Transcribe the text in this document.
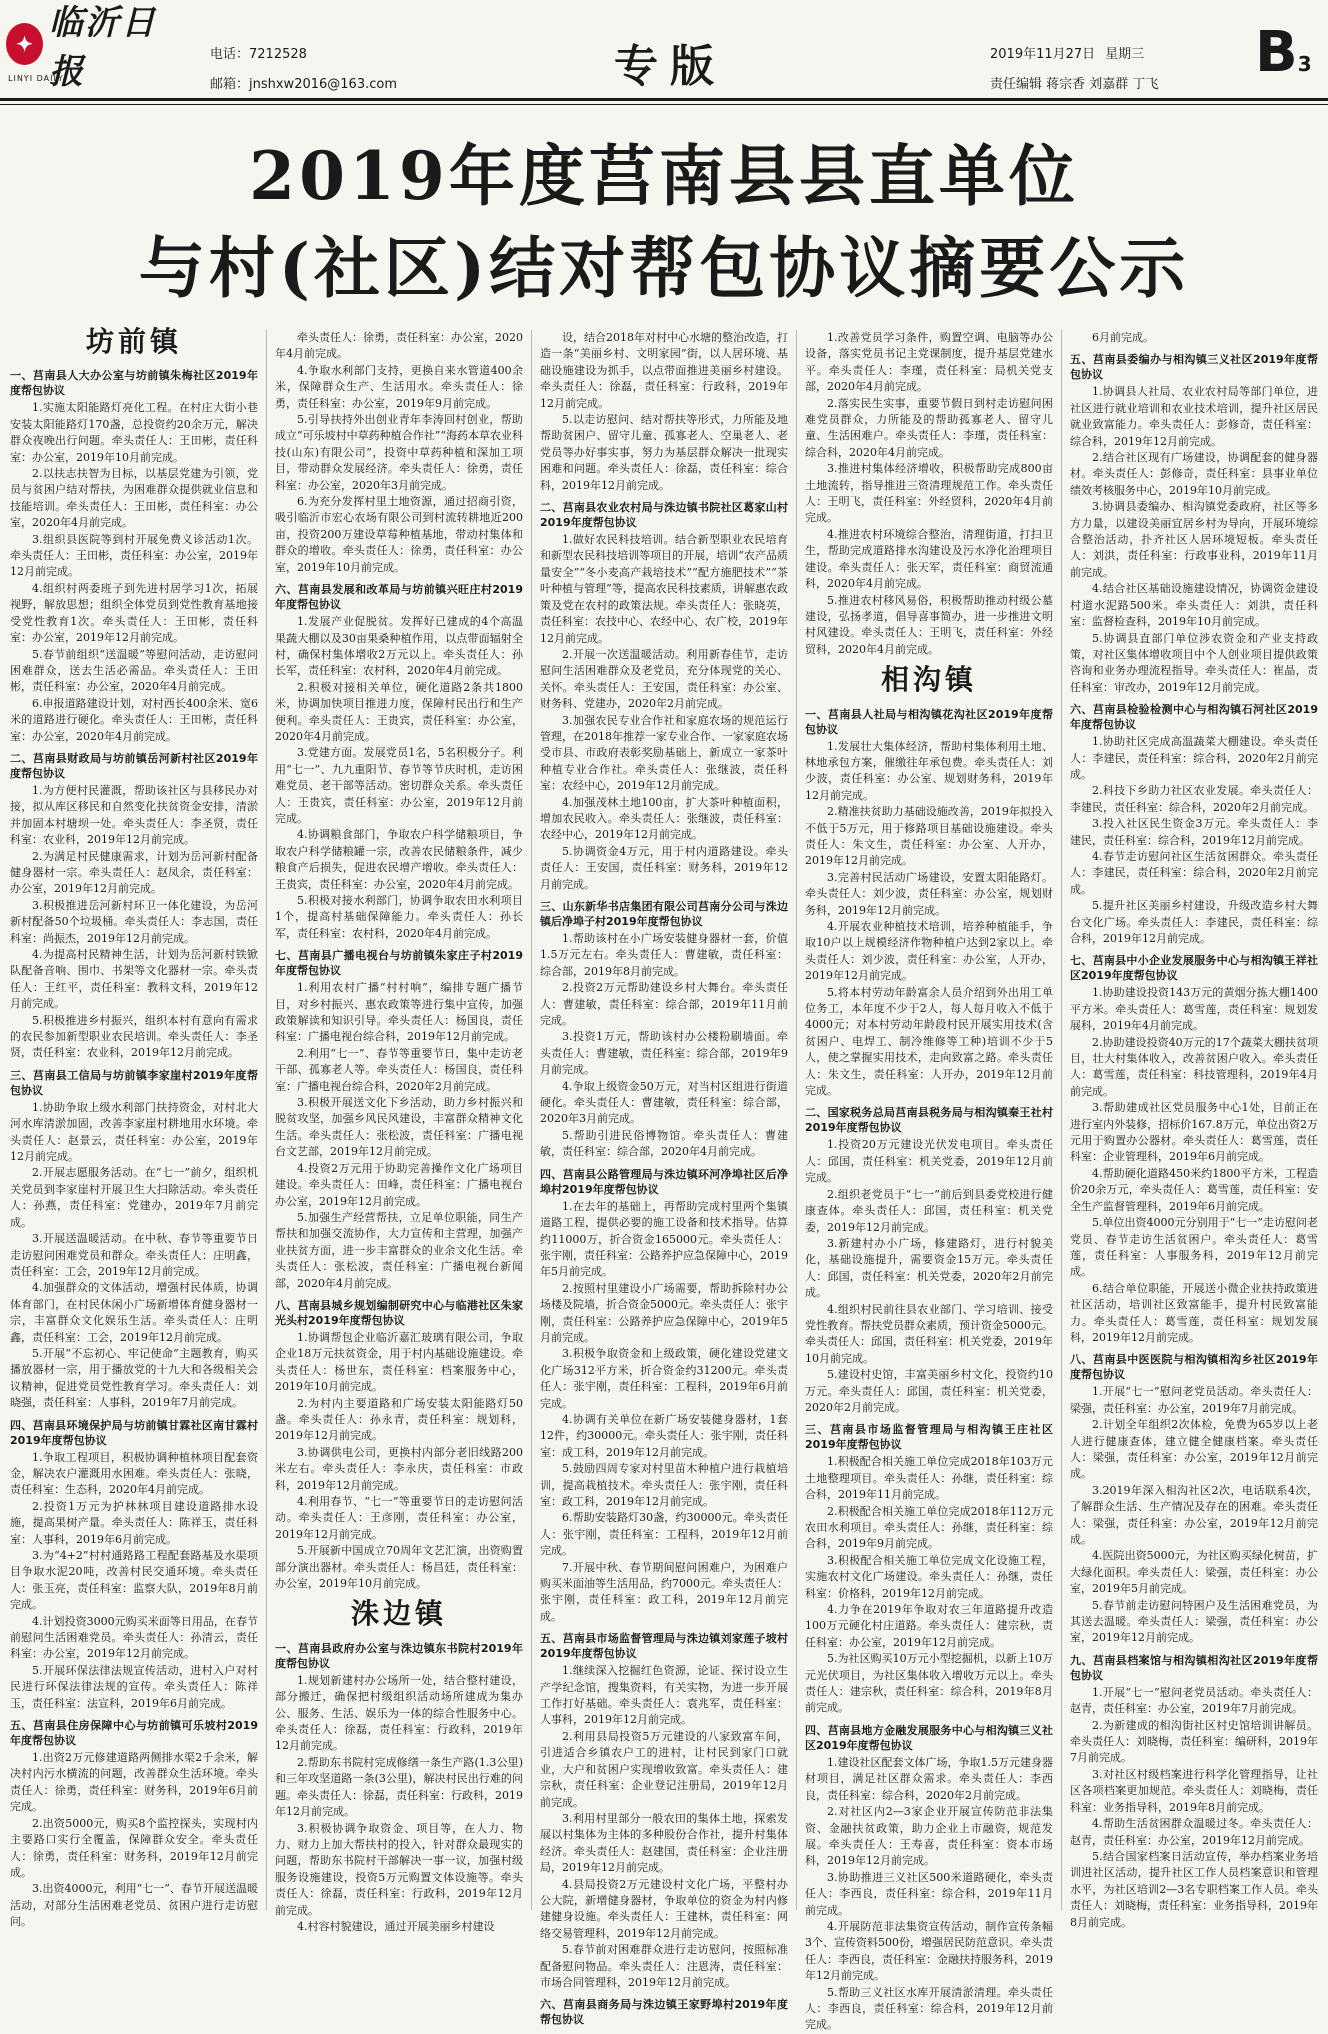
✦
临沂日报
LINYI DAILY
电话：7212528
邮箱：jnshxw2016@163.com	专版	2019年11月27日 星期三
责任编辑 蒋宗香 刘嘉群 丁飞 B3
2019年度莒南县县直单位
与村(社区)结对帮包协议摘要公示
坊前镇
一、莒南县人大办公室与坊前镇朱梅社区2019年度帮包协议

1.实施太阳能路灯亮化工程。在村庄大街小巷安装太阳能路灯170盏，总投资约20余万元，解决群众夜晚出行问题。牵头责任人：王田彬，责任科室：办公室，2019年10月前完成。

2.以扶志扶智为目标，以基层党建为引领，党员与贫困户结对帮扶，为困难群众提供就业信息和技能培训。牵头责任人：王田彬，责任科室：办公室，2020年4月前完成。

3.组织县医院等到村开展免费义诊活动1次。牵头责任人：王田彬，责任科室：办公室，2019年12月前完成。

4.组织村两委班子到先进村居学习1次，拓展视野，解放思想；组织全体党员到党性教育基地接受党性教育1次。牵头责任人：王田彬，责任科室：办公室，2019年12月前完成。

5.春节前组织“送温暖”等慰问活动，走访慰问困难群众，送去生活必需品。牵头责任人：王田彬，责任科室：办公室，2020年4月前完成。

6.申报道路建设计划，对村西长400余米、宽6米的道路进行硬化。牵头责任人：王田彬，责任科室：办公室，2020年4月前完成。

二、莒南县财政局与坊前镇岳河新村社区2019年度帮包协议

1.为方便村民灌溉，帮助该社区与县移民办对接，拟从库区移民和自然变化扶贫资金安排，清淤并加固本村塘坝一处。牵头责任人：李圣贤，责任科室：农业科，2019年12月前完成。

2.为满足村民健康需求，计划为岳河新村配备健身器材一宗。牵头责任人：赵凤余，责任科室：办公室，2019年12月前完成。

3.积极推进岳河新村环卫一体化建设，为岳河新村配备50个垃圾桶。牵头责任人：李志国，责任科室：尚振杰，2019年12月前完成。

4.为提高村民精神生活，计划为岳河新村铁锨队配备音响、围巾、书架等文化器材一宗。牵头责任人：王红平，责任科室：教科文科，2019年12月前完成。

5.积极推进乡村振兴，组织本村有意向有需求的农民参加新型职业农民培训。牵头责任人：李圣贤，责任科室：农业科，2019年12月前完成。

三、莒南县工信局与坊前镇李家崖村2019年度帮包协议

1.协助争取上级水利部门扶持资金，对村北大河水库清淤加固，改善李家崖村耕地用水环境。牵头责任人：赵景云，责任科室：办公室，2019年12月前完成。

2.开展志愿服务活动。在“七一”前夕，组织机关党员到李家崖村开展卫生大扫除活动。牵头责任人：孙燕，责任科室：党建办，2019年7月前完成。

3.开展送温暖活动。在中秋、春节等重要节日走访慰问困难党员和群众。牵头责任人：庄明鑫，责任科室：工会，2019年12月前完成。

4.加强群众的文体活动，增强村民体质，协调体育部门，在村民休闲小广场新增体育健身器材一宗，丰富群众文化娱乐生活。牵头责任人：庄明鑫，责任科室：工会，2019年12月前完成。

5.开展“不忘初心、牢记使命”主题教育，购买播放器材一宗，用于播放党的十九大和各级相关会议精神，促进党员党性教育学习。牵头责任人：刘晓强，责任科室：人事科，2019年7月前完成。

四、莒南县环境保护局与坊前镇甘霖社区南甘霖村2019年度帮包协议

1.争取工程项目，积极协调种植林项目配套资金，解决农户灌溉用水困难。牵头责任人：张晓，责任科室：生态科，2020年4月前完成。

2.投资1万元为护林林项目建设道路排水设施，提高果树产量。牵头责任人：陈祥玉，责任科室：人事科，2019年6月前完成。

3.为“4+2”村村通路路工程配套路基及水渠项目争取水泥20吨，改善村民交通环境。牵头责任人：张玉亮，责任科室：监察大队，2019年8月前完成。

4.计划投资3000元购买米面等日用品，在春节前慰问生活困难党员。牵头责任人：孙清云，责任科室：办公室，2019年12月前完成。

5.开展环保法律法规宣传活动，进村入户对村民进行环保法律法规的宣传。牵头责任人：陈祥玉，责任科室：法宣科，2019年6月前完成。

五、莒南县住房保障中心与坊前镇可乐坡村2019年度帮包协议

1.出资2万元修建道路两侧排水渠2千余米，解决村内污水横流的问题，改善群众生活环境。牵头责任人：徐勇，责任科室：财务科，2019年6月前完成。

2.出资5000元，购买8个监控探头，实现村内主要路口实行全覆盖，保障群众安全。牵头责任人：徐勇，责任科室：财务科，2019年12月前完成。

3.出资4000元，利用“七一”、春节开展送温暖活动，对部分生活困难老党员、贫困户进行走访慰问。

牵头责任人：徐勇，责任科室：办公室，2020年4月前完成。

4.争取水利部门支持，更换自来水管道400余米，保障群众生产、生活用水。牵头责任人：徐勇，责任科室：办公室，2019年9月前完成。

5.引导扶持外出创业青年李涛回村创业，帮助成立“可乐坡村中草药种植合作社”“海药本草农业科技(山东)有限公司”，投资中草药种植和深加工项目，带动群众发展经济。牵头责任人：徐勇，责任科室：办公室，2020年3月前完成。

6.为充分发挥村里土地资源，通过招商引资，吸引临沂市宏心农场有限公司到村流转耕地近200亩，投资200万建设草莓种植基地，带动村集体和群众的增收。牵头责任人：徐勇，责任科室：办公室，2019年10月前完成。

六、莒南县发展和改革局与坊前镇兴旺庄村2019年度帮包协议

1.发展产业促脱贫。发挥好已建成的4个高温果蔬大棚以及30亩果桑种植作用，以点带面辐射全村，确保村集体增收2万元以上。牵头责任人：孙长军，责任科室：农村科，2020年4月前完成。

2.积极对接相关单位，硬化道路2条共1800米，协调加快项目推进力度，保障村民出行和生产便利。牵头责任人：王贵宾，责任科室：办公室，2020年4月前完成。

3.党建方面。发展党员1名，5名积极分子。利用“七一”、九九重阳节、春节等节庆时机，走访困难党员、老干部等活动。密切群众关系。牵头责任人：王贵宾，责任科室：办公室，2019年12月前完成。

4.协调粮食部门，争取农户科学储粮项目，争取农户科学储粮罐一宗，改善农民储粮条件，减少粮食产后损失，促进农民增产增收。牵头责任人：王贵宾，责任科室：办公室，2020年4月前完成。

5.积极对接水利部门，协调争取农田水利项目1个，提高村基础保障能力。牵头责任人：孙长军，责任科室：农村科，2020年4月前完成。

七、莒南县广播电视台与坊前镇朱家庄子村2019年度帮包协议

1.利用农村广播“村村响”，编排专题广播节目，对乡村振兴、惠农政策等进行集中宣传，加强政策解读和知识引导。牵头责任人：杨国良，责任科室：广播电视台综合科，2019年12月前完成。

2.利用“七一”、春节等重要节日，集中走访老干部、孤寡老人等。牵头责任人：杨国良，责任科室：广播电视台综合科，2020年2月前完成。

3.积极开展送文化下乡活动，助力乡村振兴和脱贫攻坚，加强乡风民风建设，丰富群众精神文化生活。牵头责任人：张松波，责任科室：广播电视台文艺部，2019年12月前完成。

4.投资2万元用于协助完善操作文化广场项目建设。牵头责任人：田峰，责任科室：广播电视台办公室，2019年12月前完成。

5.加强生产经营帮扶，立足单位职能，同生产帮扶和加强交流协作，大力宣传和主营理，加强产业扶贫方面，进一步丰富群众的业余文化生活。牵头责任人：张松波，责任科室：广播电视台新闻部，2020年4月前完成。

八、莒南县城乡规划编制研究中心与临港社区朱家光头村2019年度帮包协议

1.协调帮包企业临沂嘉汇玻璃有限公司，争取企业18万元扶贫资金，用于村内基础设施建设。牵头责任人：杨世东，责任科室：档案服务中心，2019年10月前完成。

2.为村内主要道路和广场安装太阳能路灯50盏。牵头责任人：孙永青，责任科室：规划科，2019年12月前完成。

3.协调供电公司，更换村内部分老旧线路200米左右。牵头责任人：李永庆，责任科室：市政科，2019年12月前完成。

4.利用春节、“七一”等重要节日的走访慰问活动。牵头责任人：王彦刚，责任科室：办公室，2019年12月前完成。

5.开展新中国成立70周年文艺汇演，出资购置部分演出器材。牵头责任人：杨昌廷，责任科室：办公室，2019年10月前完成。

洙边镇
一、莒南县政府办公室与洙边镇东书院村2019年度帮包协议

1.规划新建村办公场所一处，结合整村建设，部分搬迁，确保把村级组织活动场所建成为集办公、服务、生活、娱乐为一体的综合性服务中心。牵头责任人：徐磊，责任科室：行政科，2019年12月前完成。

2.帮助东书院村完成修缮一条生产路(1.3公里)和三年攻坚道路一条(3公里)，解决村民出行难的问题。牵头责任人：徐磊，责任科室：行政科，2019年12月前完成。

3.积极协调争取资金、项目等，在人力、物力、财力上加大帮扶村的投入，针对群众最现实的问题，帮助东书院村干部解决一事一议，加强村级服务设施建设，投资5万元购置文体设施等。牵头责任人：徐磊，责任科室：行政科，2019年12月前完成。

4.村容村貌建设，通过开展美丽乡村建设

设，结合2018年对村中心水塘的整治改造，打造一条“美丽乡村、文明家园”街，以人居环境、基础设施建设为抓手，以点带面推进美丽乡村建设。牵头责任人：徐磊，责任科室：行政科，2019年12月前完成。

5.以走访慰问、结对帮扶等形式，力所能及地帮助贫困户、留守儿童、孤寡老人、空巢老人、老党员等办好事实事，努力为基层群众解决一批现实困难和问题。牵头责任人：徐磊，责任科室：综合科，2019年12月前完成。

二、莒南县农业农村局与洙边镇书院社区葛家山村2019年度帮包协议

1.做好农民科技培训。结合新型职业农民培育和新型农民科技培训等项目的开展，培训“农产品质量安全”“冬小麦高产栽培技术”“配方施肥技术”“茶叶种植与管理”等，提高农民科技素质，讲解惠农政策及党在农村的政策法规。牵头责任人：张晓英，责任科室：农技中心、农经中心、农广校，2019年12月前完成。

2.开展一次送温暖活动。利用新春佳节，走访慰问生活困难群众及老党员，充分体现党的关心、关怀。牵头责任人：王安国，责任科室：办公室、财务科、党建办，2020年2月前完成。

3.加强农民专业合作社和家庭农场的规范运行管理，在2018年推荐一家专业合作、一家家庭农场受市县、市政府表彰奖励基础上，新成立一家茶叶种植专业合作社。牵头责任人：张继波，责任科室：农经中心，2019年12月前完成。

4.加强茂林土地100亩，扩大茶叶种植面积，增加农民收入。牵头责任人：张继波，责任科室：农经中心，2019年12月前完成。

5.协调资金4万元，用于村内道路建设。牵头责任人：王安国，责任科室：财务科，2019年12月前完成。

三、山东新华书店集团有限公司莒南分公司与洙边镇后净埠子村2019年度帮包协议

1.帮助该村在小广场安装健身器材一套，价值1.5万元左右。牵头责任人：曹建敏，责任科室：综合部，2019年8月前完成。

2.投资2万元帮助建设乡村大舞台。牵头责任人：曹建敏，责任科室：综合部，2019年11月前完成。

3.投资1万元，帮助该村办公楼粉刷墙面。牵头责任人：曹建敏，责任科室：综合部，2019年9月前完成。

4.争取上级资金50万元，对当村区组进行街道硬化。牵头责任人：曹建敏，责任科室：综合部，2020年3月前完成。

5.帮助引进民俗博物馆。牵头责任人：曹建敏，责任科室：综合部，2020年4月前完成。

四、莒南县公路管理局与洙边镇环河净埠社区后净埠村2019年度帮包协议

1.在去年的基础上，再帮助完成村里两个集镇道路工程，提供必要的施工设备和技术指导。估算约11000万，折合资金165000元。牵头责任人：张宇刚，责任科室：公路养护应急保障中心，2019年5月前完成。

2.按照村里建设小广场需要，帮助拆除村办公场楼及院墙，折合资金5000元。牵头责任人：张宇刚，责任科室：公路养护应急保障中心，2019年5月前完成。

3.积极争取资金和上级政策，硬化建设党建文化广场312平方米，折合资金约31200元。牵头责任人：张宇刚，责任科室：工程科，2019年6月前完成。

4.协调有关单位在新广场安装健身器材，1套12件，约30000元。牵头责任人：张宇刚，责任科室：成工科，2019年12月前完成。

5.鼓励四周专家对村里苗木种植户进行栽植培训，提高栽植技术。牵头责任人：张宇刚，责任科室：政工科，2019年12月前完成。

6.帮助安装路灯30盏，约30000元。牵头责任人：张宇刚，责任科室：工程科，2019年12月前完成。

7.开展中秋、春节期间慰问困难户，为困难户购买米面油等生活用品，约7000元。牵头责任人：张宇刚，责任科室：政工科，2019年12月前完成。

五、莒南县市场监督管理局与洙边镇刘家莲子坡村2019年度帮包协议

1.继续深入挖掘红色资源，论证、探讨设立生产学纪念馆，搜集资料，有关实物，为进一步开展工作打好基础。牵头责任人：袁兆军，责任科室：人事科，2019年12月前完成。

2.利用县局投资5万元建设的八家致富车间，引进适合乡镇农户工的进村，让村民到家门口就业，大户和贫困户实现增收致富。牵头责任人：建宗秋，责任科室：企业登记注册局，2019年12月前完成。

3.利用村里部分一般农田的集体土地，探索发展以村集体为主体的多种股份合作社，提升村集体经济。牵头责任人：赵建国，责任科室：企业注册局，2019年12月前完成。

4.县局投资2万元建设村文化广场，平整村办公大院，新增健身器材，争取单位的资金为村内修建健身设施。牵头责任人：王建林，责任科室：网络交易管理科，2019年12月前完成。

5.春节前对困难群众进行走访慰问，按照标准配备慰问物品。牵头责任人：注恩涛，责任科室：市场合同管理科，2019年12月前完成。

六、莒南县商务局与洙边镇王家野埠村2019年度帮包协议

1.改善党员学习条件，购置空调、电脑等办公设备，落实党员书记主党课制度，提升基层党建水平。牵头责任人：李瑾，责任科室：局机关党支部，2020年4月前完成。

2.落实民生实事，重要节假日到村走访慰问困难党员群众，力所能及的帮助孤寡老人、留守儿童、生活困难户。牵头责任人：李瑾，责任科室：综合科，2020年4月前完成。

3.推进村集体经济增收，积极帮助完成800亩土地流转，指导推进三资清理规范工作。牵头责任人：王明飞，责任科室：外经贸科，2020年4月前完成。

4.推进农村环境综合整治，清理街道，打扫卫生，帮助完成道路排水沟建设及污水净化治理项目建设。牵头责任人：张天军，责任科室：商贸流通科，2020年4月前完成。

5.推进农村移风易俗，积极帮助推动村级公墓建设，弘扬孝道，倡导喜事简办，进一步推进文明村风建设。牵头责任人：王明飞，责任科室：外经贸科，2020年4月前完成。

相沟镇
一、莒南县人社局与相沟镇花沟社区2019年度帮包协议

1.发展壮大集体经济，帮助村集体利用土地、林地承包方案，催缴往年承包费。牵头责任人：刘少波，责任科室：办公室、规划财务科，2019年12月前完成。

2.精准扶贫助力基础设施改善，2019年拟投入不低于5万元，用于修路项目基础设施建设。牵头责任人：朱文生，责任科室：办公室、人开办，2019年12月前完成。

3.完善村民活动广场建设，安置太阳能路灯。牵头责任人：刘少波，责任科室：办公室，规划财务科，2019年12月前完成。

4.开展农业种植技术培训，培养种植能手，争取10户以上规模经济作物种植户达到2家以上。牵头责任人：刘少波，责任科室：办公室，人开办，2019年12月前完成。

5.将本村劳动年龄富余人员介绍到外出用工单位务工，本年度不少于2人，每人每月收入不低于4000元；对本村劳动年龄段村民开展实用技术(含贫困户、电焊工、制冷维修等工种)培训不少于5人，使之掌握实用技术，走向致富之路。牵头责任人：朱文生，责任科室：人开办，2019年12月前完成。

二、国家税务总局莒南县税务局与相沟镇秦王社村2019年度帮包协议

1.投资20万元建设光伏发电项目。牵头责任人：邱国，责任科室：机关党委，2019年12月前完成。

2.组织老党员于“七一”前后到县委党校进行健康查体。牵头责任人：邱国，责任科室：机关党委，2019年12月前完成。

3.新建村办小广场，修建路灯，进行村貌美化，基础设施提升，需要资金15万元。牵头责任人：邱国，责任科室：机关党委，2020年2月前完成。

4.组织村民前往县农业部门、学习培训、接受党性教育。帮扶党员群众素质，预计资金5000元。牵头责任人：邱国，责任科室：机关党委，2019年10月前完成。

5.建设村史馆，丰富美丽乡村文化，投资约10万元。牵头责任人：邱国，责任科室：机关党委，2020年2月前完成。

三、莒南县市场监督管理局与相沟镇王庄社区2019年度帮包协议

1.积极配合相关施工单位完成2018年103万元土地整理项目。牵头责任人：孙继，责任科室：综合科，2019年11月前完成。

2.积极配合相关施工单位完成2018年112万元农田水利项目。牵头责任人：孙继，责任科室：综合科，2019年9月前完成。

3.积极配合相关施工单位完成文化设施工程，实施农村文化广场建设。牵头责任人：孙继，责任科室：价格科，2019年12月前完成。

4.力争在2019年争取对农三年道路提升改造100万元硬化村庄道路。牵头责任人：建宗秋，责任科室：办公室，2019年12月前完成。

5.为社区购买10万元小型挖掘机，以新上10万元光伏项目，为社区集体收入增收万元以上。牵头责任人：建宗秋，责任科室：综合科，2019年8月前完成。

四、莒南县地方金融发展服务中心与相沟镇三义社区2019年度帮包协议

1.建设社区配套文体广场，争取1.5万元建身器材项目，满足社区群众需求。牵头责任人：李西良，责任科室：综合科，2020年2月前完成。

2.对社区内2—3家企业开展宣传防范非法集资、金融扶贫政策，助力企业上市融资，规范发展。牵头责任人：王寿喜，责任科室：资本市场科，2019年12月前完成。

3.协助推进三义社区500米道路硬化，牵头责任人：李西良，责任科室：综合科，2019年11月前完成。

4.开展防范非法集资宣传活动，制作宣传条幅3个、宣传资料500份，增强居民防范意识。牵头责任人：李西良，责任科室：金融扶持服务科，2019年12月前完成。

5.帮助三义社区水库开展清淤清理。牵头责任人：李西良，责任科室：综合科，2019年12月前完成。

6月前完成。

五、莒南县委编办与相沟镇三义社区2019年度帮包协议

1.协调县人社局、农业农村局等部门单位，进社区进行就业培训和农业技术培训，提升社区居民就业致富能力。牵头责任人：彭修奇，责任科室：综合科，2019年12月前完成。

2.结合社区现有广场建设，协调配套的健身器材。牵头责任人：彭修奇，责任科室：县事业单位绩效考核服务中心，2019年10月前完成。

3.协调县委编办、相沟镇党委政府，社区等多方力量，以建设美丽宜居乡村为导向，开展环境综合整治活动，扑齐社区人居环境短板。牵头责任人：刘洪，责任科室：行政事业科，2019年11月前完成。

4.结合社区基础设施建设情况，协调资金建设村道水泥路500米。牵头责任人：刘洪，责任科室：监督检查科，2019年10月前完成。

5.协调县直部门单位涉农资金和产业支持政策，对社区集体增收项目中个人创业项目提供政策咨询和业务办理流程指导。牵头责任人：崔晶，责任科室：审改办，2019年12月前完成。

六、莒南县检验检测中心与相沟镇石河社区2019年度帮包协议

1.协助社区完成高温蔬菜大棚建设。牵头责任人：李建民，责任科室：综合科，2020年2月前完成。

2.科技下乡助力社区农业发展。牵头责任人：李建民，责任科室：综合科，2020年2月前完成。

3.投入社区民生资金3万元。牵头责任人：李建民，责任科室：综合科，2019年12月前完成。

4.春节走访慰问社区生活贫困群众。牵头责任人：李建民，责任科室：综合科，2020年2月前完成。

5.提升社区美丽乡村建设，升级改造乡村大舞台文化广场。牵头责任人：李建民，责任科室：综合科，2019年12月前完成。

七、莒南县中小企业发展服务中心与相沟镇王祥社区2019年度帮包协议

1.协助建设投资143万元的黄烟分拣大棚1400平方米。牵头责任人：葛雪莲，责任科室：规划发展科，2019年4月前完成。

2.协助建设投资40万元的17个蔬菜大棚扶贫项目，壮大村集体收入，改善贫困户收入。牵头责任人：葛雪莲，责任科室：科技管理科，2019年4月前完成。

3.帮助建成社区党员服务中心1处，目前正在进行室内外装修，招标价167.8万元，单位出资2万元用于购置办公器材。牵头责任人：葛雪莲，责任科室：企业管理科，2019年6月前完成。

4.帮助硬化道路450米约1800平方米，工程造价20余万元，牵头责任人：葛雪莲，责任科室：安全生产监督管理科，2019年6月前完成。

5.单位出资4000元分别用于“七一”走访慰问老党员、春节走访生活贫困户。牵头责任人：葛雪莲，责任科室：人事服务科，2019年12月前完成。

6.结合单位职能，开展送小微企业扶持政策进社区活动，培训社区致富能手，提升村民致富能力。牵头责任人：葛雪莲，责任科室：规划发展科，2019年12月前完成。

八、莒南县中医医院与相沟镇相沟乡社区2019年度帮包协议

1.开展“七一”慰问老党员活动。牵头责任人：梁强，责任科室：办公室，2019年7月前完成。

2.计划全年组织2次体检，免费为65岁以上老人进行健康查体，建立健全健康档案。牵头责任人：梁强，责任科室：办公室，2019年12月前完成。

3.2019年深入相沟社区2次，电话联系4次，了解群众生活、生产情况及存在的困难。牵头责任人：梁强，责任科室：办公室，2019年12月前完成。

4.医院出资5000元，为社区购买绿化树苗，扩大绿化面积。牵头责任人：梁强，责任科室：办公室，2019年5月前完成。

5.春节前走访慰问特困户及生活困难党员，为其送去温暖。牵头责任人：梁强，责任科室：办公室，2019年12月前完成。

九、莒南县档案馆与相沟镇相沟社区2019年度帮包协议

1.开展“七一”慰问老党员活动。牵头责任人：赵青，责任科室：办公室，2019年7月前完成。

2.为新建成的相沟街社区村史馆培训讲解员。牵头责任人：刘晓梅，责任科室：编研科，2019年7月前完成。

3.对社区村级档案进行科学化管理指导，让社区各项档案更加规范。牵头责任人：刘晓梅，责任科室：业务指导科，2019年8月前完成。

4.帮助生活贫困群众温暖过冬。牵头责任人：赵青，责任科室：办公室，2019年12月前完成。

5.结合国家档案日活动宣传，举办档案业务培训进社区活动，提升社区工作人员档案意识和管理水平，为社区培训2—3名专职档案工作人员。牵头责任人：刘晓梅，责任科室：业务指导科，2019年8月前完成。
